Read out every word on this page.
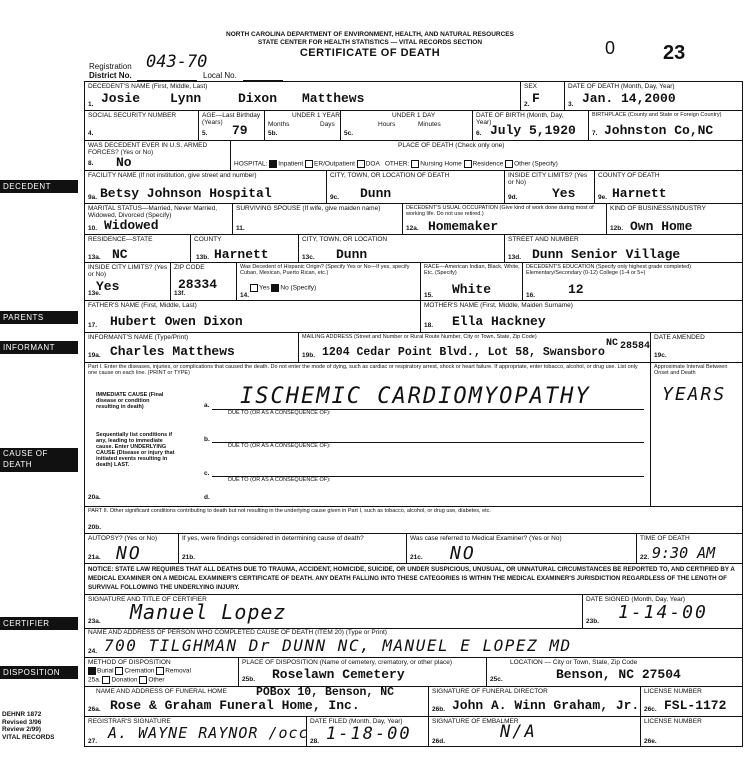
NORTH CAROLINA DEPARTMENT OF ENVIRONMENT, HEALTH, AND NATURAL RESOURCES
STATE CENTER FOR HEALTH STATISTICS — VITAL RECORDS SECTION
CERTIFICATE OF DEATH
Registration 043-70
District No.	Local No.
0 23
DECEDENT
PARENTS
INFORMANT
CAUSE OF DEATH
CERTIFIER
DISPOSITION
DEHNR 1872
Revised 3/96
Review 2/99)
VITAL RECORDS
DECEDENT'S NAME (First, Middle, Last)
1. Josie Lynn	Dixon Matthews
SEX
2. F
DATE OF DEATH (Month, Day, Year)
3. Jan. 14,2000
SOCIAL SECURITY NUMBER
4.
AGE—Last Birthday (Years)
5. 79
UNDER 1 YEAR
Months	Days
5b.
UNDER 1 DAY
Hours	Minutes
5c.
DATE OF BIRTH (Month, Day, Year)
6. July 5,1920
BIRTHPLACE (County and State or Foreign Country)
7. Johnston Co,NC
WAS DECEDENT EVER IN U.S. ARMED FORCES? (Yes or No)
8. No
PLACE OF DEATH (Check only one)
HOSPITAL: Inpatient ER/Outpatient DOA OTHER: Nursing Home Residence Other (Specify)
FACILITY NAME (If not institution, give street and number)
9a. Betsy Johnson Hospital
CITY, TOWN, OR LOCATION OF DEATH
9c. Dunn
INSIDE CITY LIMITS? (Yes or No)
9d.	Yes
COUNTY OF DEATH
9e. Harnett
MARITAL STATUS—Married, Never Married, Widowed, Divorced (Specify)
10. Widowed
SURVIVING SPOUSE (If wife, give maiden name)
11.
DECEDENT'S USUAL OCCUPATION (Give kind of work done during most of working life. Do not use retired.)
12a. Homemaker
KIND OF BUSINESS/INDUSTRY
12b. Own Home
RESIDENCE—STATE
13a. NC
COUNTY
13b. Harnett
CITY, TOWN, OR LOCATION
13c. Dunn
STREET AND NUMBER
13d. Dunn Senior Village
INSIDE CITY LIMITS? (Yes or No)
13e.
Yes
ZIP CODE
13f.
28334
Was Decedent of Hispanic Origin? (Specify Yes or No—If yes, specify Cuban, Mexican, Puerto Rican, etc.)
Yes No (Specify)
14.
RACE—American Indian, Black, White, Etc. (Specify)
15. White
DECEDENT'S EDUCATION (Specify only highest grade completed) Elementary/Secondary (0-12) College (1-4 or 5+)
16.	12
FATHER'S NAME (First, Middle, Last)
17. Hubert Owen Dixon
MOTHER'S NAME (First, Middle, Maiden Surname)
18. Ella Hackney
INFORMANT'S NAME (Type/Print)
19a. Charles Matthews
MAILING ADDRESS (Street and Number or Rural Route Number, City or Town, State, Zip Code)
19b. 1204 Cedar Point Blvd., Lot 58, Swansboro
NC 28584
DATE AMENDED
19c.
Part I. Enter the diseases, injuries, or complications that caused the death. Do not enter the mode of dying, such as cardiac or respiratory arrest, shock or heart failure. If appropriate, enter tobacco, alcohol, or drug use. List only one cause on each line. (PRINT or TYPE)
Approximate Interval Between Onset and Death
IMMEDIATE CAUSE (Final disease or condition resulting in death)	a. ISCHEMIC CARDIOMYOPATHY	YEARS
DUE TO (OR AS A CONSEQUENCE OF):
Sequentially list conditions if any, leading to immediate cause. Enter UNDERLYING CAUSE (Disease or injury that initiated events resulting in death) LAST.
b.
DUE TO (OR AS A CONSEQUENCE OF):
c.
DUE TO (OR AS A CONSEQUENCE OF):
20a.	d.
PART II. Other significant conditions contributing to death but not resulting in the underlying cause given in Part I, such as tobacco, alcohol, or drug use, diabetes, etc.
20b.
AUTOPSY? (Yes or No)
21a. NO
If yes, were findings considered in determining cause of death?
21b.
Was case referred to Medical Examiner? (Yes or No)
21c. NO
TIME OF DEATH
22. 9:30 AM
NOTICE: STATE LAW REQUIRES THAT ALL DEATHS DUE TO TRAUMA, ACCIDENT, HOMICIDE, SUICIDE, OR UNDER SUSPICIOUS, UNUSUAL, OR UNNATURAL CIRCUMSTANCES BE REPORTED TO, AND CERTIFIED BY A MEDICAL EXAMINER ON A MEDICAL EXAMINER'S CERTIFICATE OF DEATH. ANY DEATH FALLING INTO THESE CATEGORIES IS WITHIN THE MEDICAL EXAMINER'S JURISDICTION REGARDLESS OF THE LENGTH OF SURVIVAL FOLLOWING THE UNDERLYING INJURY.
SIGNATURE AND TITLE OF CERTIFIER
23a. Manuel Lopez
DATE SIGNED (Month, Day, Year)
23b. 1-14-00
NAME AND ADDRESS OF PERSON WHO COMPLETED CAUSE OF DEATH (ITEM 20) (Type or Print)
24. 700 TILGHMAN Dr DUNN NC, MANUEL E LOPEZ MD
METHOD OF DISPOSITION
Burial Cremation Removal
25a. Donation Other
PLACE OF DISPOSITION (Name of cemetery, crematory, or other place)
25b. Roselawn Cemetery
LOCATION — City or Town, State, Zip Code
25c.	Benson, NC 27504
NAME AND ADDRESS OF FUNERAL HOME	POBox 10, Benson, NC
26a. Rose & Graham Funeral Home, Inc.
SIGNATURE OF FUNERAL DIRECTOR
26b. John A. Winn Graham, Jr.
LICENSE NUMBER
26c. FSL-1172
REGISTRAR'S SIGNATURE
27. A. WAYNE RAYNOR /occ
DATE FILED (Month, Day, Year)
28. 1-18-00
SIGNATURE OF EMBALMER
26d.	N/A
LICENSE NUMBER
26e.
